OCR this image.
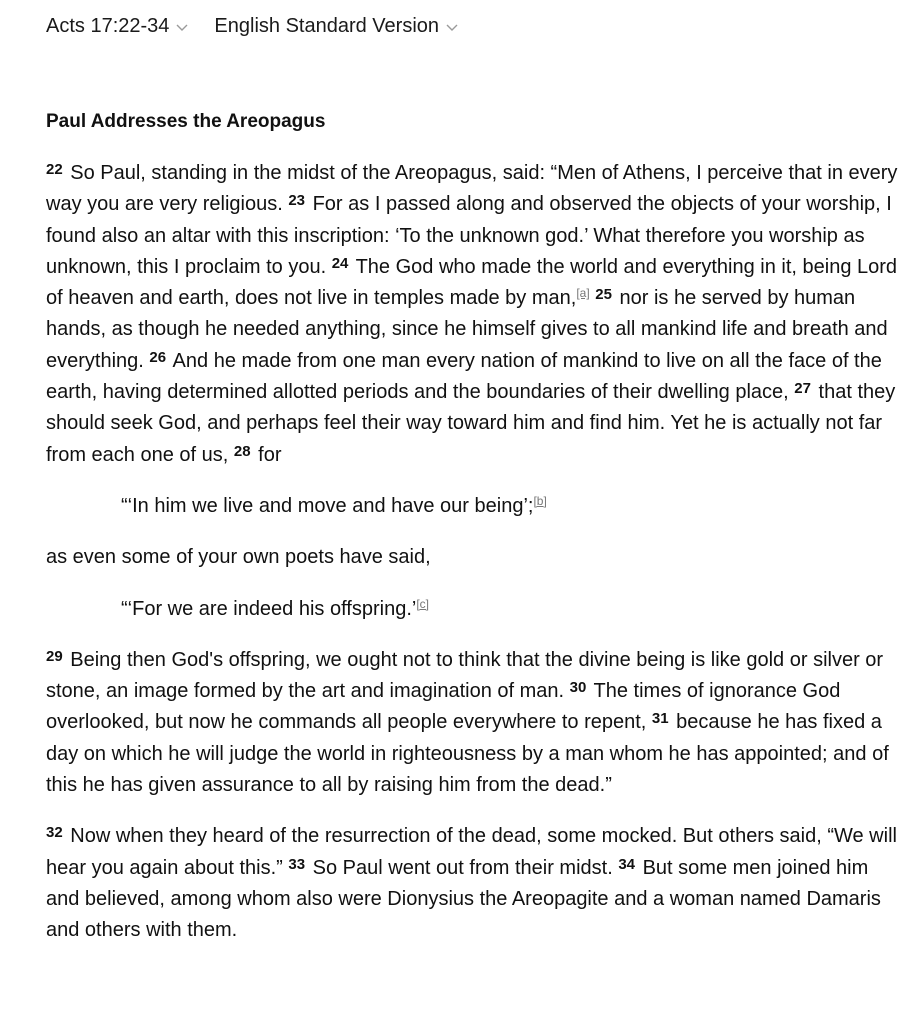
Acts 17:22-34 English Standard Version
Paul Addresses the Areopagus

$^{22}$ So Paul, standing in the midst of the Areopagus, said: “Men of Athens, I perceive that in every way you are very religious. $^{23}$ For as I passed along and observed the objects of your worship, I found also an altar with this inscription: ‘To the unknown god.’ What therefore you worship as unknown, this I proclaim to you. $^{24}$ The God who made the world and everything in it, being Lord of heaven and earth, does not live in temples made by man,[a] $^{25}$ nor is he served by human hands, as though he needed anything, since he himself gives to all mankind life and breath and everything. $^{26}$ And he made from one man every nation of mankind to live on all the face of the earth, having determined allotted periods and the boundaries of their dwelling place, $^{27}$ that they should seek God, and perhaps feel their way toward him and find him. Yet he is actually not far from each one of us, $^{28}$ for

“‘In him we live and move and have our being’;[b]

as even some of your own poets have said,

“‘For we are indeed his offspring.’[c]

$^{29}$ Being then God's offspring, we ought not to think that the divine being is like gold or silver or stone, an image formed by the art and imagination of man. $^{30}$ The times of ignorance God overlooked, but now he commands all people everywhere to repent, $^{31}$ because he has fixed a day on which he will judge the world in righteousness by a man whom he has appointed; and of this he has given assurance to all by raising him from the dead.”

$^{32}$ Now when they heard of the resurrection of the dead, some mocked. But others said, “We will hear you again about this.” $^{33}$ So Paul went out from their midst. $^{34}$ But some men joined him and believed, among whom also were Dionysius the Areopagite and a woman named Damaris and others with them.
